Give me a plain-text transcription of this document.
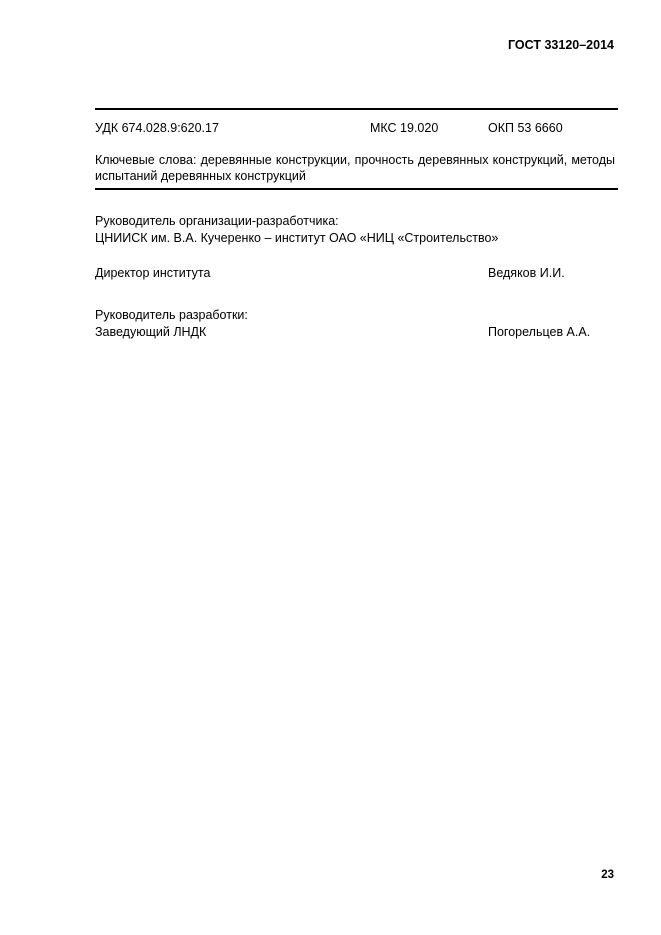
ГОСТ 33120–2014
УДК 674.028.9:620.17	МКС 19.020	ОКП 53 6660
Ключевые слова: деревянные конструкции, прочность деревянных конструкций, методы испытаний деревянных конструкций
Руководитель организации-разработчика:
ЦНИИСК им. В.А. Кучеренко – институт ОАО «НИЦ «Строительство»
Директор института	Ведяков И.И.
Руководитель разработки:
Заведующий ЛНДК	Погорельцев А.А.
23
